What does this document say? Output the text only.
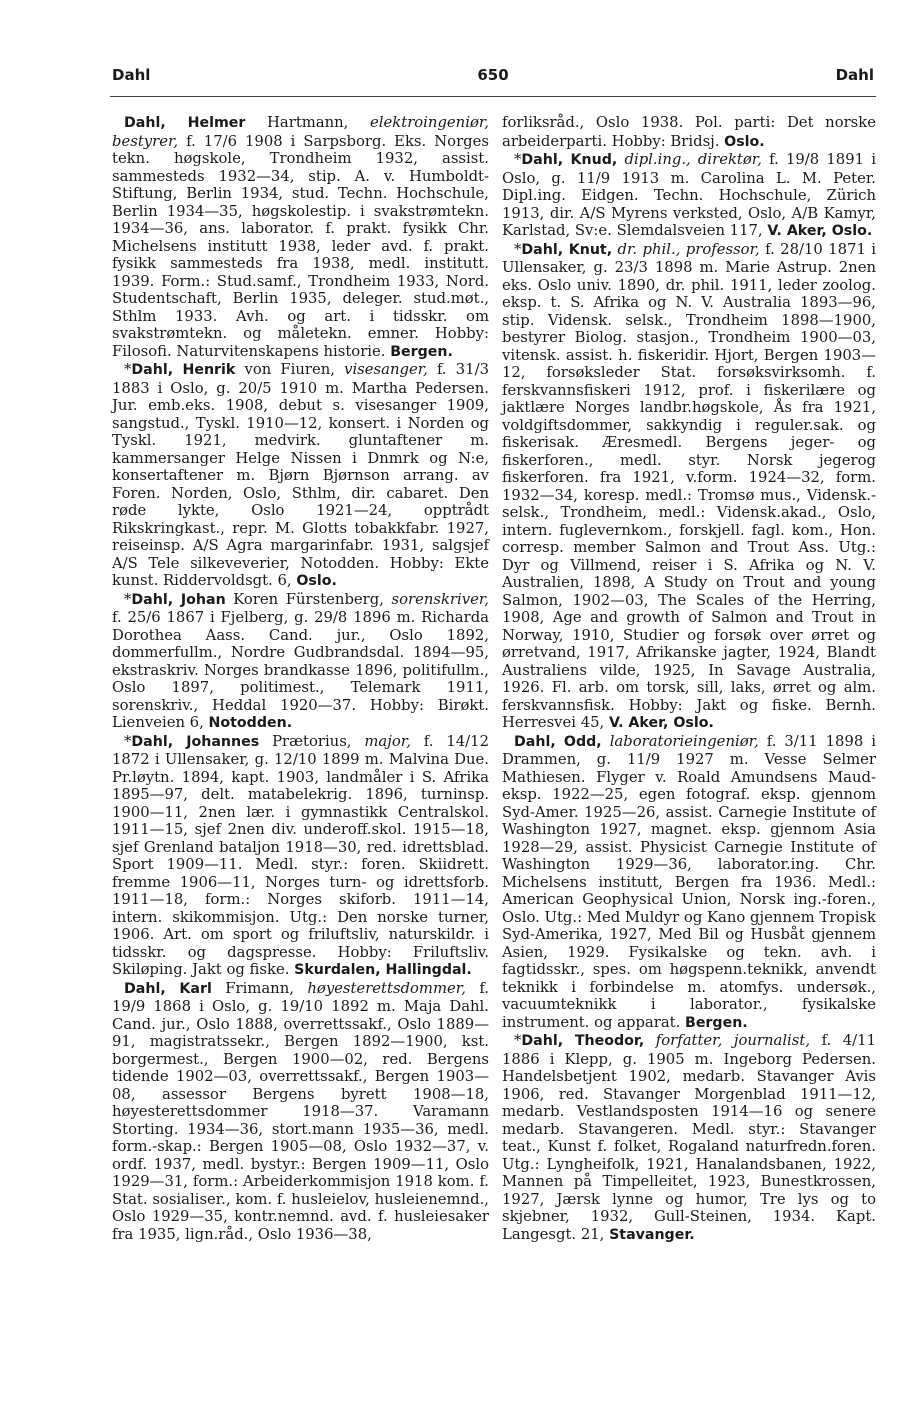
Dahl	650	Dahl

Dahl, Helmer Hartmann, elektroingeniør, bestyrer, f. 17/6 1908 i Sarpsborg. Eks. Norges tekn. høgskole, Trondheim 1932, assist. sammesteds 1932—34, stip. A. v. Humboldt-Stiftung, Berlin 1934, stud. Techn. Hochschule, Berlin 1934—35, høgskolestip. i svakstrømtekn. 1934—36, ans. laborator. f. prakt. fysikk Chr. Michelsens institutt 1938, leder avd. f. prakt. fysikk sammesteds fra 1938, medl. institutt. 1939. Form.: Stud.samf., Trondheim 1933, Nord. Studentschaft, Berlin 1935, deleger. stud.møt., Sthlm 1933. Avh. og art. i tidsskr. om svakstrømtekn. og måletekn. emner. Hobby: Filosofi. Naturvitenskapens historie. Bergen.

*Dahl, Henrik von Fiuren, visesanger, f. 31/3 1883 i Oslo, g. 20/5 1910 m. Martha Pedersen. Jur. emb.eks. 1908, debut s. visesanger 1909, sangstud., Tyskl. 1910—12, konsert. i Norden og Tyskl. 1921, medvirk. gluntaftener m. kammersanger Helge Nissen i Dnmrk og N:e, konsertaftener m. Bjørn Bjørnson arrang. av Foren. Norden, Oslo, Sthlm, dir. cabaret. Den røde lykte, Oslo 1921—24, opptrådt Rikskringkast., repr. M. Glotts tobakkfabr. 1927, reiseinsp. A/S Agra margarinfabr. 1931, salgsjef A/S Tele silkeveverier, Notodden. Hobby: Ekte kunst. Riddervoldsgt. 6, Oslo.

*Dahl, Johan Koren Fürstenberg, sorenskriver, f. 25/6 1867 i Fjelberg, g. 29/8 1896 m. Richarda Dorothea Aass. Cand. jur., Oslo 1892, dommerfullm., Nordre Gudbrandsdal. 1894—95, ekstraskriv. Norges brandkasse 1896, politifullm., Oslo 1897, politimest., Telemark 1911, sorenskriv., Heddal 1920—37. Hobby: Birøkt. Lienveien 6, Notodden.

*Dahl, Johannes Prætorius, major, f. 14/12 1872 i Ullensaker, g. 12/10 1899 m. Malvina Due. Pr.løytn. 1894, kapt. 1903, landmåler i S. Afrika 1895—97, delt. matabelekrig. 1896, turninsp. 1900—11, 2nen lær. i gymnastikk Centralskol. 1911—15, sjef 2nen div. underoff.skol. 1915—18, sjef Grenland bataljon 1918—30, red. idrettsblad. Sport 1909—11. Medl. styr.: foren. Skiidrett. fremme 1906—11, Norges turn- og idrettsforb. 1911—18, form.: Norges skiforb. 1911—14, intern. skikommisjon. Utg.: Den norske turner, 1906. Art. om sport og friluftsliv, naturskildr. i tidsskr. og dagspresse. Hobby: Friluftsliv. Skiløping. Jakt og fiske. Skurdalen, Hallingdal.

Dahl, Karl Frimann, høyesterettsdommer, f. 19/9 1868 i Oslo, g. 19/10 1892 m. Maja Dahl. Cand. jur., Oslo 1888, overrettssakf., Oslo 1889—91, magistratssekr., Bergen 1892—1900, kst. borgermest., Bergen 1900—02, red. Bergens tidende 1902—03, overrettssakf., Bergen 1903—08, assessor Bergens byrett 1908—18, høyesterettsdommer 1918—37. Varamann Storting. 1934—36, stort.mann 1935—36, medl. form.-skap.: Bergen 1905—08, Oslo 1932—37, v. ordf. 1937, medl. bystyr.: Bergen 1909—11, Oslo 1929—31, form.: Arbeiderkommisjon 1918 kom. f. Stat. sosialiser., kom. f. husleielov, husleienemnd., Oslo 1929—35, kontr.nemnd. avd. f. husleiesaker fra 1935, lign.råd., Oslo 1936—38,

forliksråd., Oslo 1938. Pol. parti: Det norske arbeiderparti. Hobby: Bridsj. Oslo.

*Dahl, Knud, dipl.ing., direktør, f. 19/8 1891 i Oslo, g. 11/9 1913 m. Carolina L. M. Peter. Dipl.ing. Eidgen. Techn. Hochschule, Zürich 1913, dir. A/S Myrens verksted, Oslo, A/B Kamyr, Karlstad, Sv:e. Slemdalsveien 117, V. Aker, Oslo.

*Dahl, Knut, dr. phil., professor, f. 28/10 1871 i Ullensaker, g. 23/3 1898 m. Marie Astrup. 2nen eks. Oslo univ. 1890, dr. phil. 1911, leder zoolog. eksp. t. S. Afrika og N. V. Australia 1893—96, stip. Vidensk. selsk., Trondheim 1898—1900, bestyrer Biolog. stasjon., Trondheim 1900—03, vitensk. assist. h. fiskeridir. Hjort, Bergen 1903—12, forsøksleder Stat. forsøksvirksomh. f. ferskvannsfiskeri 1912, prof. i fiskerilære og jaktlære Norges landbr.høgskole, Ås fra 1921, voldgiftsdommer, sakkyndig i reguler.sak. og fiskerisak. Æresmedl. Bergens jeger- og fiskerforen., medl. styr. Norsk jegerog fiskerforen. fra 1921, v.form. 1924—32, form. 1932—34, koresp. medl.: Tromsø mus., Vidensk.-selsk., Trondheim, medl.: Vidensk.akad., Oslo, intern. fuglevernkom., forskjell. fagl. kom., Hon. corresp. member Salmon and Trout Ass. Utg.: Dyr og Villmend, reiser i S. Afrika og N. V. Australien, 1898, A Study on Trout and young Salmon, 1902—03, The Scales of the Herring, 1908, Age and growth of Salmon and Trout in Norway, 1910, Studier og forsøk over ørret og ørretvand, 1917, Afrikanske jagter, 1924, Blandt Australiens vilde, 1925, In Savage Australia, 1926. Fl. arb. om torsk, sill, laks, ørret og alm. ferskvannsfisk. Hobby: Jakt og fiske. Bernh. Herresvei 45, V. Aker, Oslo.

Dahl, Odd, laboratorieingeniør, f. 3/11 1898 i Drammen, g. 11/9 1927 m. Vesse Selmer Mathiesen. Flyger v. Roald Amundsens Maud-eksp. 1922—25, egen fotograf. eksp. gjennom Syd-Amer. 1925—26, assist. Carnegie Institute of Washington 1927, magnet. eksp. gjennom Asia 1928—29, assist. Physicist Carnegie Institute of Washington 1929—36, laborator.ing. Chr. Michelsens institutt, Bergen fra 1936. Medl.: American Geophysical Union, Norsk ing.-foren., Oslo. Utg.: Med Muldyr og Kano gjennem Tropisk Syd-Amerika, 1927, Med Bil og Husbåt gjennem Asien, 1929. Fysikalske og tekn. avh. i fagtidsskr., spes. om høgspenn.teknikk, anvendt teknikk i forbindelse m. atomfys. undersøk., vacuumteknikk i laborator., fysikalske instrument. og apparat. Bergen.

*Dahl, Theodor, forfatter, journalist, f. 4/11 1886 i Klepp, g. 1905 m. Ingeborg Pedersen. Handelsbetjent 1902, medarb. Stavanger Avis 1906, red. Stavanger Morgenblad 1911—12, medarb. Vestlandsposten 1914—16 og senere medarb. Stavangeren. Medl. styr.: Stavanger teat., Kunst f. folket, Rogaland naturfredn.foren. Utg.: Lyngheifolk, 1921, Hanalandsbanen, 1922, Mannen på Timpelleitet, 1923, Bunestkrossen, 1927, Jærsk lynne og humor, Tre lys og to skjebner, 1932, Gull-Steinen, 1934. Kapt. Langesgt. 21, Stavanger.
